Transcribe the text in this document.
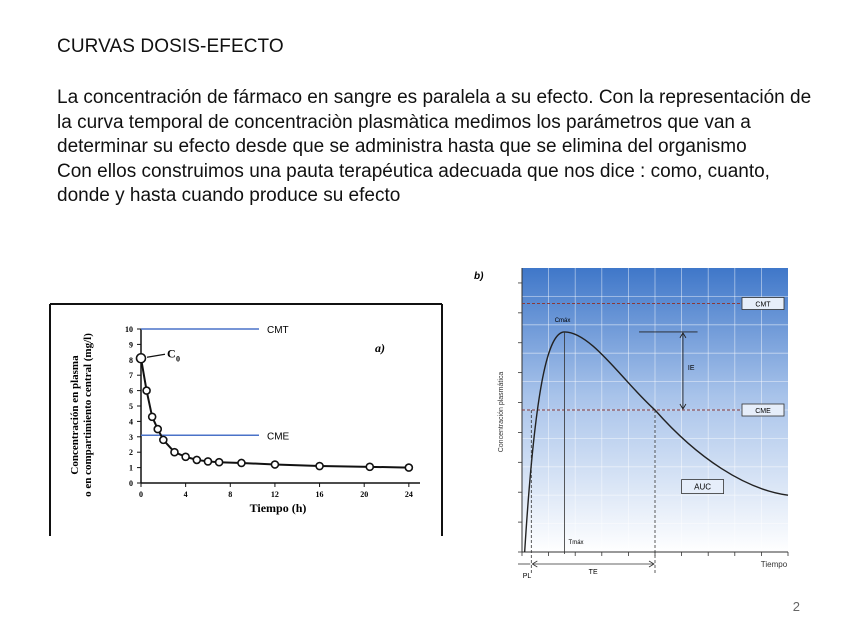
CURVAS DOSIS-EFECTO

La concentración de fármaco en sangre es paralela a su efecto. Con la representación de la curva temporal de concentraciòn plasmàtica medimos los parámetros que van a determinar su efecto desde que se administra hasta que se elimina del organismo

Con ellos construimos una pauta terapéutica adecuada que nos dice : como, cuanto, donde y hasta cuando produce su efecto

Concentración en plasma o en compartimiento central (mg/l)	0
1
2
3
4
5
6
7
8
9
10
0	4	8	12	16	20	24
CMT
CME
C 0
a)
Tiempo (h)
b)
Concentración plasmática
CMT
CME
Cmáx
Tmáx
IE
TE
PL
AUC
Tiempo
2
